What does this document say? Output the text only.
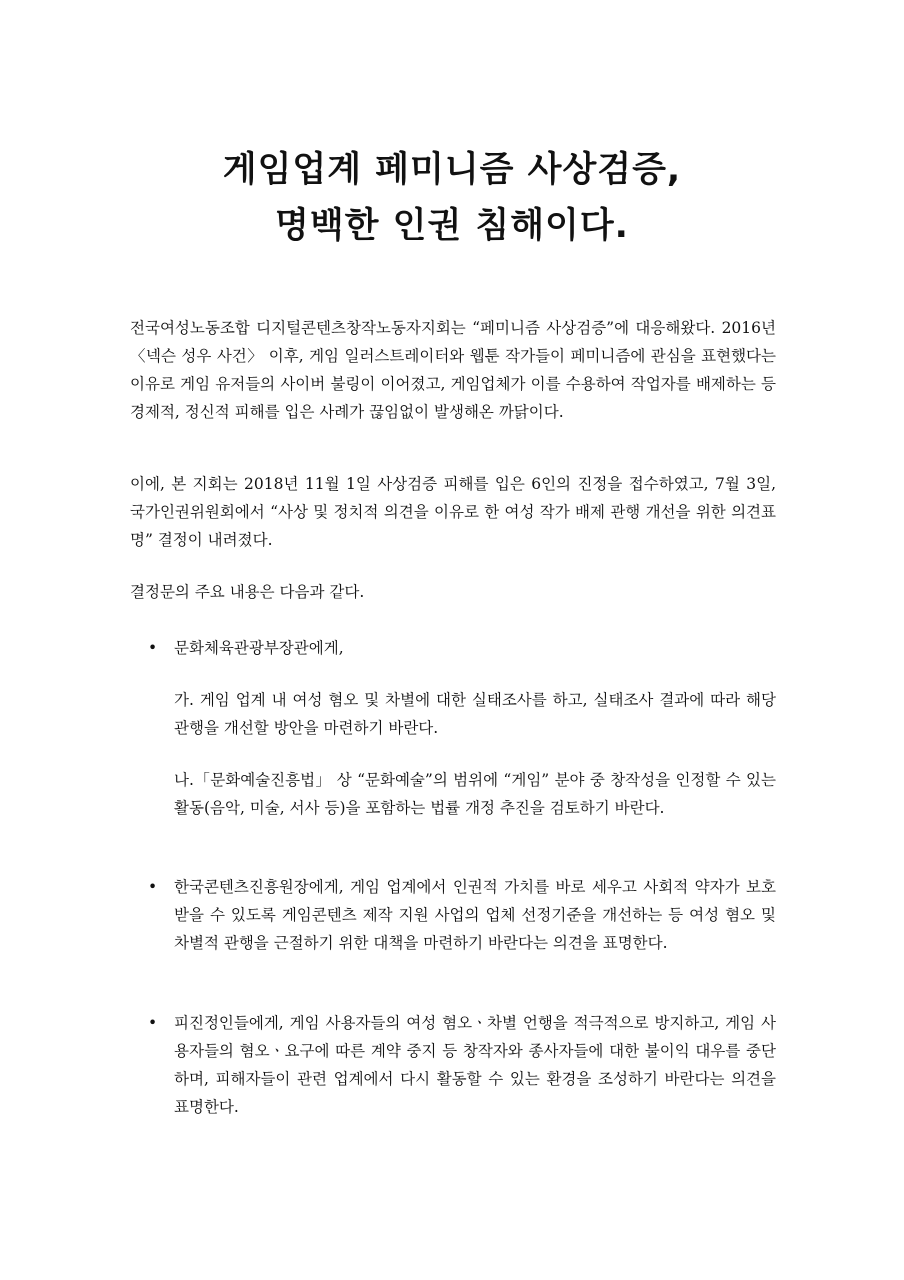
게임업계 페미니즘 사상검증,
명백한 인권 침해이다.

전국여성노동조합 디지털콘텐츠창작노동자지회는 “페미니즘 사상검증”에 대응해왔다. 2016년 〈넥슨 성우 사건〉 이후, 게임 일러스트레이터와 웹툰 작가들이 페미니즘에 관심을 표현했다는 이유로 게임 유저들의 사이버 불링이 이어졌고, 게임업체가 이를 수용하여 작업자를 배제하는 등 경제적, 정신적 피해를 입은 사례가 끊임없이 발생해온 까닭이다.

이에, 본 지회는 2018년 11월 1일 사상검증 피해를 입은 6인의 진정을 접수하였고, 7월 3일, 국가인권위원회에서 “사상 및 정치적 의견을 이유로 한 여성 작가 배제 관행 개선을 위한 의견표명” 결정이 내려졌다.

결정문의 주요 내용은 다음과 같다.

•	문화체육관광부장관에게,

가. 게임 업계 내 여성 혐오 및 차별에 대한 실태조사를 하고, 실태조사 결과에 따라 해당 관행을 개선할 방안을 마련하기 바란다.

나.「문화예술진흥법」 상 “문화예술”의 범위에 “게임” 분야 중 창작성을 인정할 수 있는 활동(음악, 미술, 서사 등)을 포함하는 법률 개정 추진을 검토하기 바란다.

•	한국콘텐츠진흥원장에게, 게임 업계에서 인권적 가치를 바로 세우고 사회적 약자가 보호받을 수 있도록 게임콘텐츠 제작 지원 사업의 업체 선정기준을 개선하는 등 여성 혐오 및 차별적 관행을 근절하기 위한 대책을 마련하기 바란다는 의견을 표명한다.
•	피진정인들에게, 게임 사용자들의 여성 혐오ㆍ차별 언행을 적극적으로 방지하고, 게임 사용자들의 혐오ㆍ요구에 따른 계약 중지 등 창작자와 종사자들에 대한 불이익 대우를 중단하며, 피해자들이 관련 업계에서 다시 활동할 수 있는 환경을 조성하기 바란다는 의견을 표명한다.
